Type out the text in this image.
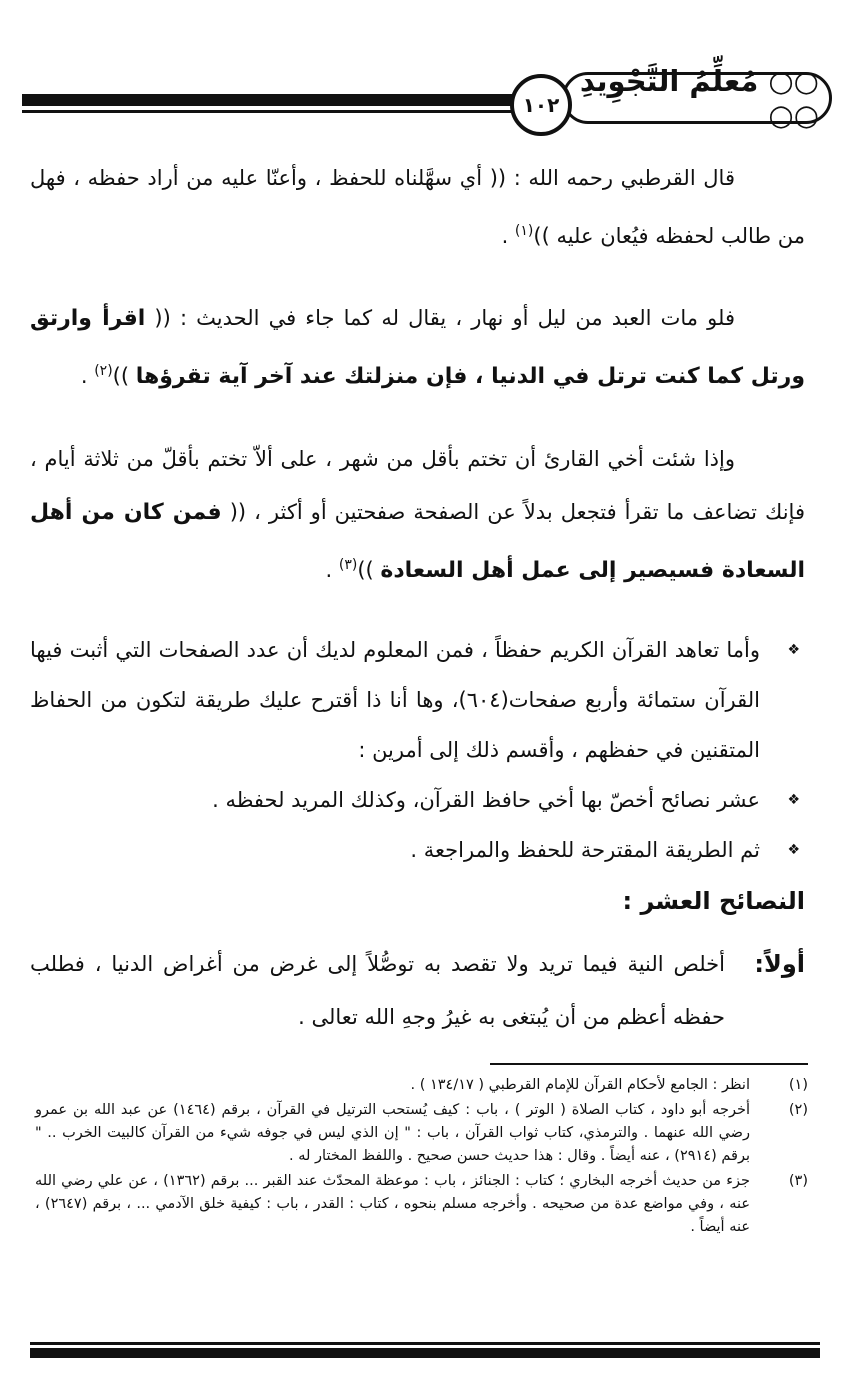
○○ مُعلِّمُ التَّجْوِيدِ ○○
١٠٢
قال القرطبي رحمه الله : (( أي سهَّلناه للحفظ ، وأعنّا عليه من أراد حفظه ، فهل من طالب لحفظه فيُعان عليه ))$^{(١)}$ .
فلو مات العبد من ليل أو نهار ، يقال له كما جاء في الحديث : (( اقرأ وارتق ورتل كما كنت ترتل في الدنيا ، فإن منزلتك عند آخر آية تقرؤها ))$^{(٢)}$ .
وإذا شئت أخي القارئ أن تختم بأقل من شهر ، على ألاّ تختم بأقلّ من ثلاثة أيام ، فإنك تضاعف ما تقرأ فتجعل بدلاً عن الصفحة صفحتين أو أكثر ، (( فمن كان من أهل السعادة فسيصير إلى عمل أهل السعادة ))$^{(٣)}$ .
❖
وأما تعاهد القرآن الكريم حفظاً ، فمن المعلوم لديك أن عدد الصفحات التي أثبت فيها القرآن ستمائة وأربع صفحات(٦٠٤)، وها أنا ذا أقترح عليك طريقة لتكون من الحفاظ المتقنين في حفظهم ، وأقسم ذلك إلى أمرين :
❖
عشر نصائح أخصّ بها أخي حافظ القرآن، وكذلك المريد لحفظه .
❖
ثم الطريقة المقترحة للحفظ والمراجعة .
النصائح العشر :
أولاً:
أخلص النية فيما تريد ولا تقصد به توصُّلاً إلى غرض من أغراض الدنيا ، فطلب حفظه أعظم من أن يُبتغى به غيرُ وجهِ الله تعالى .
(١)
انظر : الجامع لأحكام القرآن للإمام القرطبي ( ١٣٤/١٧ ) .
(٢)
أخرجه أبو داود ، كتاب الصلاة ( الوتر ) ، باب : كيف يُستحب الترتيل في القرآن ، برقم (١٤٦٤) عن عبد الله بن عمرو رضي الله عنهما . والترمذي، كتاب ثواب القرآن ، باب : " إن الذي ليس في جوفه شيء من القرآن كالبيت الخرب .. " برقم (٢٩١٤) ، عنه أيضاً . وقال : هذا حديث حسن صحيح . واللفظ المختار له .
(٣)
جزء من حديث أخرجه البخاري ؛ كتاب : الجنائز ، باب : موعظة المحدّث عند القبر ... برقم (١٣٦٢) ، عن علي رضي الله عنه ، وفي مواضع عدة من صحيحه . وأخرجه مسلم بنحوه ، كتاب : القدر ، باب : كيفية خلق الآدمي ... ، برقم (٢٦٤٧) ، عنه أيضاً .
